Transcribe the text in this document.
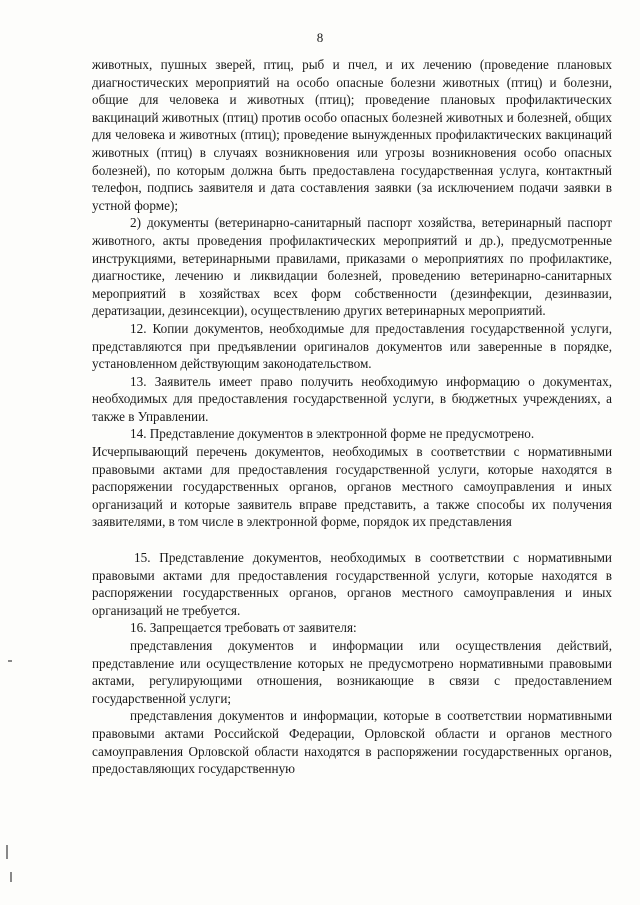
8

животных, пушных зверей, птиц, рыб и пчел, и их лечению (проведение плановых диагностических мероприятий на особо опасные болезни животных (птиц) и болезни, общие для человека и животных (птиц); проведение плановых профилактических вакцинаций животных (птиц) против особо опасных болезней животных и болезней, общих для человека и животных (птиц); проведение вынужденных профилактических вакцинаций животных (птиц) в случаях возникновения или угрозы возникновения особо опасных болезней), по которым должна быть предоставлена государственная услуга, контактный телефон, подпись заявителя и дата составления заявки (за исключением подачи заявки в устной форме);

2) документы (ветеринарно-санитарный паспорт хозяйства, ветеринарный паспорт животного, акты проведения профилактических мероприятий и др.), предусмотренные инструкциями, ветеринарными правилами, приказами о мероприятиях по профилактике, диагностике, лечению и ликвидации болезней, проведению ветеринарно-санитарных мероприятий в хозяйствах всех форм собственности (дезинфекции, дезинвазии, дератизации, дезинсекции), осуществлению других ветеринарных мероприятий.

12. Копии документов, необходимые для предоставления государственной услуги, представляются при предъявлении оригиналов документов или заверенные в порядке, установленном действующим законодательством.

13. Заявитель имеет право получить необходимую информацию о документах, необходимых для предоставления государственной услуги, в бюджетных учреждениях, а также в Управлении.

14. Представление документов в электронной форме не предусмотрено.

Исчерпывающий перечень документов, необходимых в соответствии с нормативными правовыми актами для предоставления государственной услуги, которые находятся в распоряжении государственных органов, органов местного самоуправления и иных организаций и которые заявитель вправе представить, а также способы их получения заявителями, в том числе в электронной форме, порядок их представления

15. Представление документов, необходимых в соответствии с нормативными правовыми актами для предоставления государственной услуги, которые находятся в распоряжении государственных органов, органов местного самоуправления и иных организаций не требуется.

16. Запрещается требовать от заявителя:

представления документов и информации или осуществления действий, представление или осуществление которых не предусмотрено нормативными правовыми актами, регулирующими отношения, возникающие в связи с предоставлением государственной услуги;

представления документов и информации, которые в соответствии нормативными правовыми актами Российской Федерации, Орловской области и органов местного самоуправления Орловской области находятся в распоряжении государственных органов, предоставляющих государственную
